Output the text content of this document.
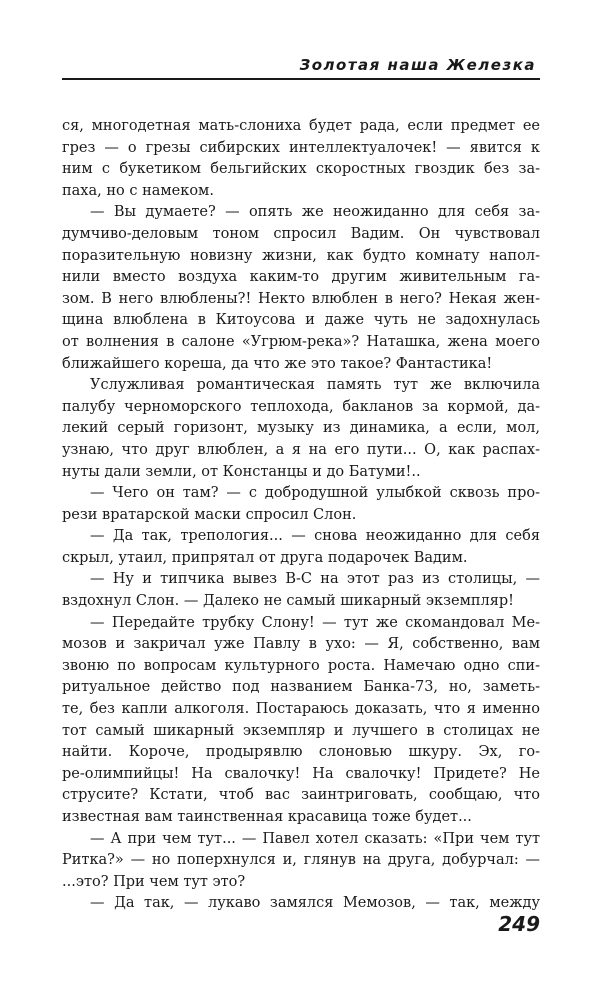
Золотая наша Железка
ся, многодетная мать-слониха будет рада, если предмет ее
грез — о грезы сибирских интеллектуалочек! — явится к
ним с букетиком бельгийских скоростных гвоздик без за-
паха, но с намеком.
— Вы думаете? — опять же неожиданно для себя за-
думчиво-деловым тоном спросил Вадим. Он чувствовал
поразительную новизну жизни, как будто комнату напол-
нили вместо воздуха каким-то другим живительным га-
зом. В него влюблены?! Некто влюблен в него? Некая жен-
щина влюблена в Китоусова и даже чуть не задохнулась
от волнения в салоне «Угрюм-река»? Наташка, жена моего
ближайшего кореша, да что же это такое? Фантастика!
Услужливая романтическая память тут же включила
палубу черноморского теплохода, бакланов за кормой, да-
лекий серый горизонт, музыку из динамика, а если, мол,
узнаю, что друг влюблен, а я на его пути... О, как распах-
нуты дали земли, от Констанцы и до Батуми!..
— Чего он там? — с добродушной улыбкой сквозь про-
рези вратарской маски спросил Слон.
— Да так, трепология... — снова неожиданно для себя
скрыл, утаил, припрятал от друга подарочек Вадим.
— Ну и типчика вывез В-С на этот раз из столицы, —
вздохнул Слон. — Далеко не самый шикарный экземпляр!
— Передайте трубку Слону! — тут же скомандовал Ме-
мозов и закричал уже Павлу в ухо: — Я, собственно, вам
звоню по вопросам культурного роста. Намечаю одно спи-
ритуальное действо под названием Банка-73, но, заметь-
те, без капли алкоголя. Постараюсь доказать, что я именно
тот самый шикарный экземпляр и лучшего в столицах не
найти. Короче, продырявлю слоновью шкуру. Эх, го-
ре-олимпийцы! На свалочку! На свалочку! Придете? Не
струсите? Кстати, чтоб вас заинтриговать, сообщаю, что
известная вам таинственная красавица тоже будет...
— А при чем тут... — Павел хотел сказать: «При чем тут
Ритка?» — но поперхнулся и, глянув на друга, добурчал: —
...это? При чем тут это?
— Да так, — лукаво замялся Мемозов, — так, между
249
